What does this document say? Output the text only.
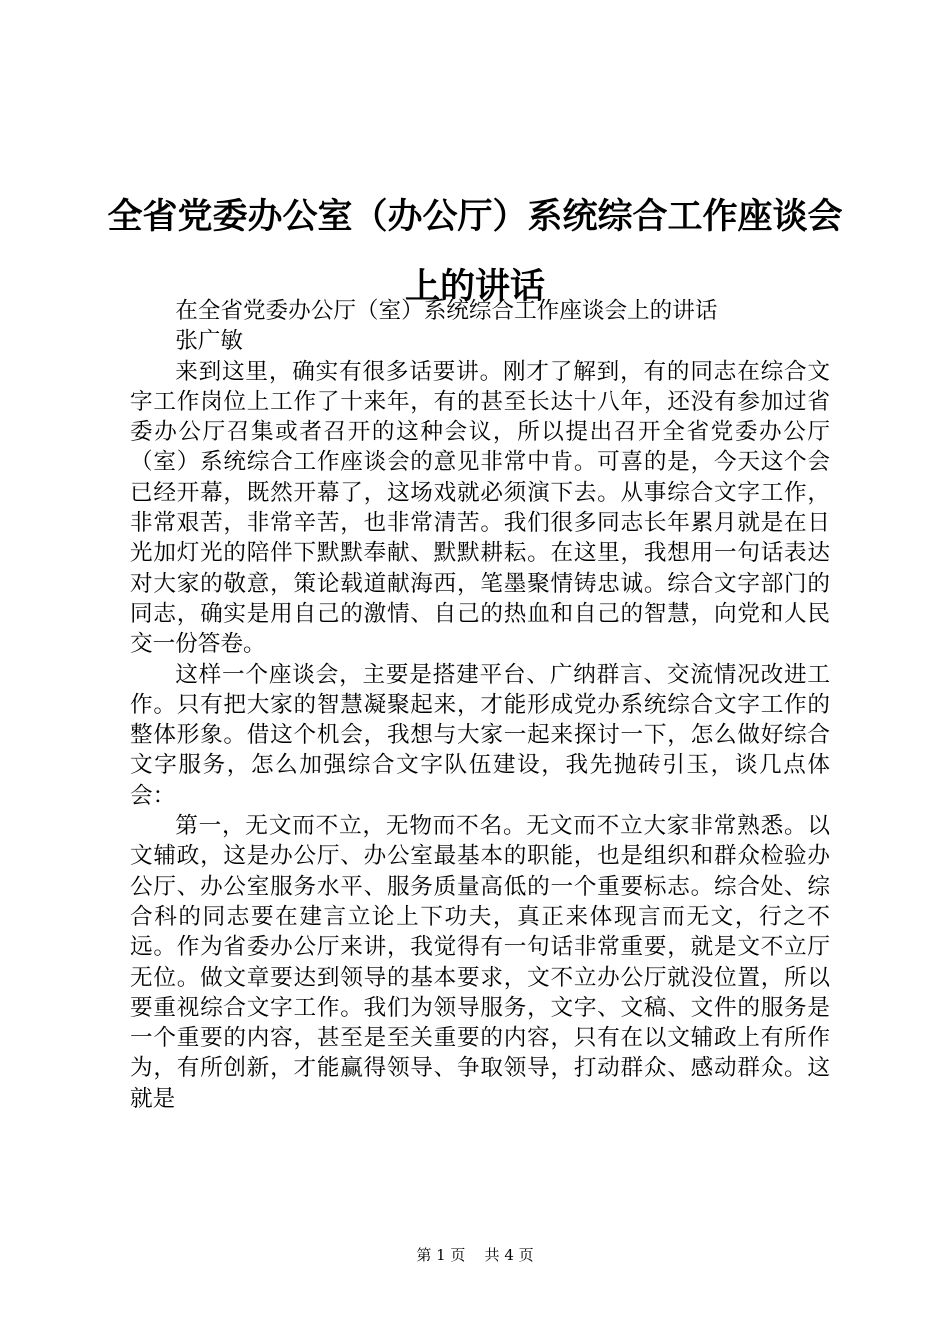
全省党委办公室（办公厅）系统综合工作座谈会上的讲话

在全省党委办公厅（室）系统综合工作座谈会上的讲话

张广敏

来到这里，确实有很多话要讲。刚才了解到，有的同志在综合文字工作岗位上工作了十来年，有的甚至长达十八年，还没有参加过省委办公厅召集或者召开的这种会议，所以提出召开全省党委办公厅（室）系统综合工作座谈会的意见非常中肯。可喜的是，今天这个会已经开幕，既然开幕了，这场戏就必须演下去。从事综合文字工作，非常艰苦，非常辛苦，也非常清苦。我们很多同志长年累月就是在日光加灯光的陪伴下默默奉献、默默耕耘。在这里，我想用一句话表达对大家的敬意，策论载道献海西，笔墨聚情铸忠诚。综合文字部门的同志，确实是用自己的激情、自己的热血和自己的智慧，向党和人民交一份答卷。

这样一个座谈会，主要是搭建平台、广纳群言、交流情况改进工作。只有把大家的智慧凝聚起来，才能形成党办系统综合文字工作的整体形象。借这个机会，我想与大家一起来探讨一下，怎么做好综合文字服务，怎么加强综合文字队伍建设，我先抛砖引玉，谈几点体会：

第一，无文而不立，无物而不名。无文而不立大家非常熟悉。以文辅政，这是办公厅、办公室最基本的职能，也是组织和群众检验办公厅、办公室服务水平、服务质量高低的一个重要标志。综合处、综合科的同志要在建言立论上下功夫，真正来体现言而无文，行之不远。作为省委办公厅来讲，我觉得有一句话非常重要，就是文不立厅无位。做文章要达到领导的基本要求，文不立办公厅就没位置，所以要重视综合文字工作。我们为领导服务，文字、文稿、文件的服务是一个重要的内容，甚至是至关重要的内容，只有在以文辅政上有所作为，有所创新，才能赢得领导、争取领导，打动群众、感动群众。这就是

第 1 页 共 4 页
